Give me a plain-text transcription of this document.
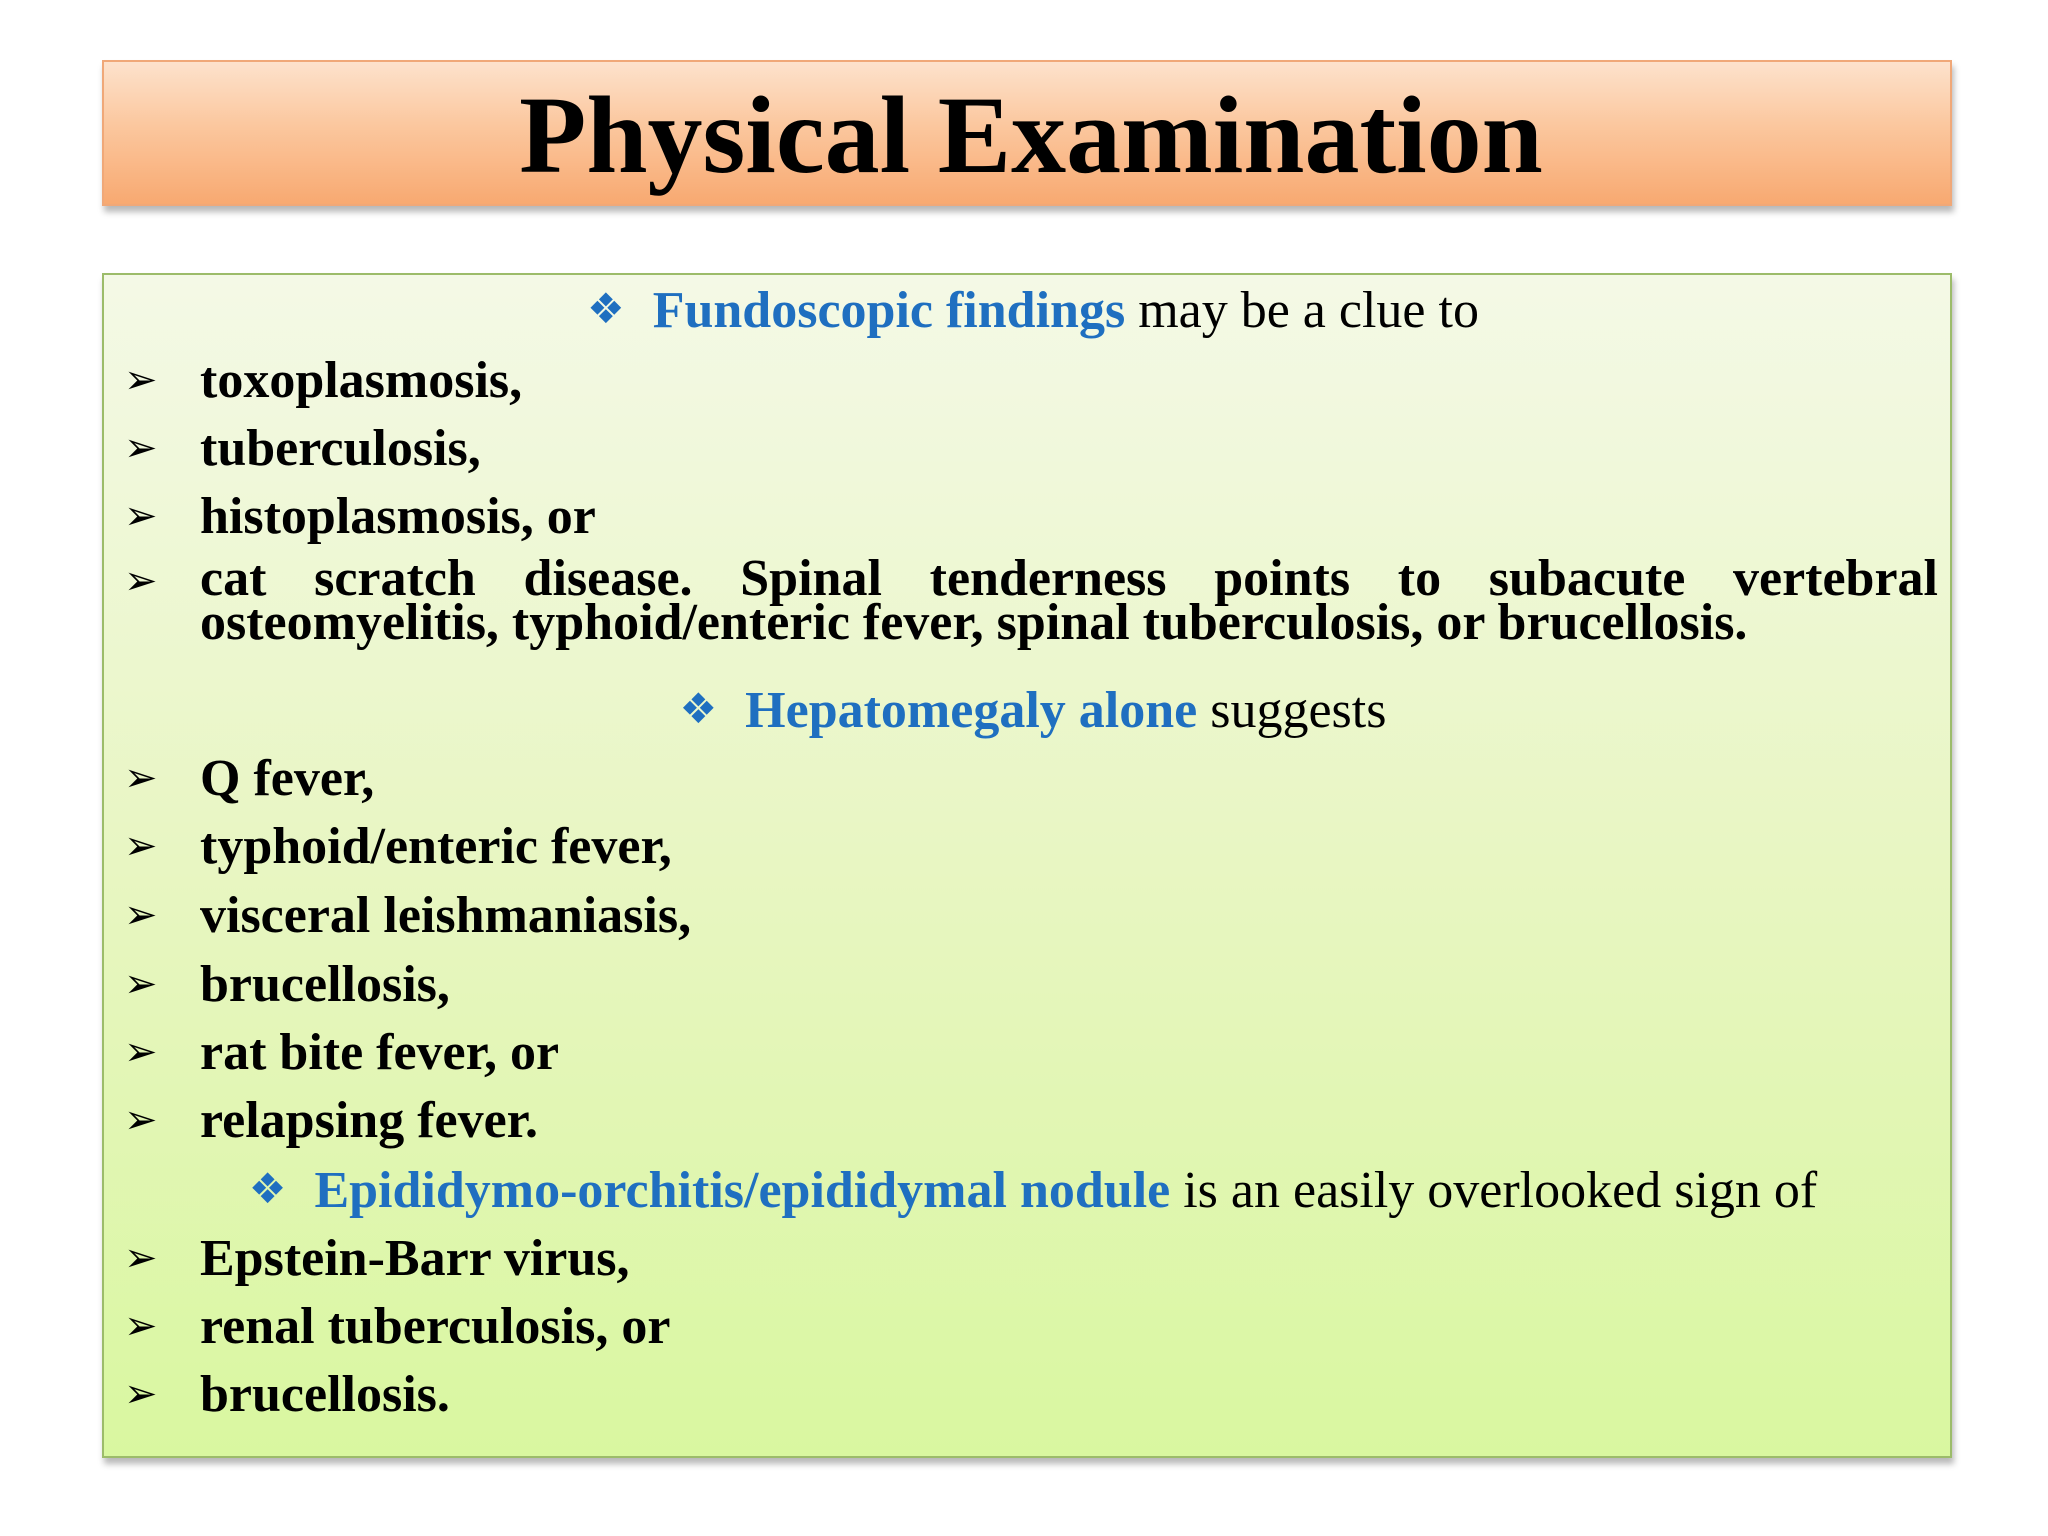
Physical Examination
❖ Fundoscopic findings may be a clue to
➢ toxoplasmosis,
➢ tuberculosis,
➢ histoplasmosis, or
➢ cat scratch disease. Spinal tenderness points to subacute vertebral osteomyelitis, typhoid/enteric fever, spinal tuberculosis, or brucellosis.
❖ Hepatomegaly alone suggests
➢ Q fever,
➢ typhoid/enteric fever,
➢ visceral leishmaniasis,
➢ brucellosis,
➢ rat bite fever, or
➢ relapsing fever.
❖ Epididymo-orchitis/epididymal nodule is an easily overlooked sign of
➢ Epstein-Barr virus,
➢ renal tuberculosis, or
➢ brucellosis.
